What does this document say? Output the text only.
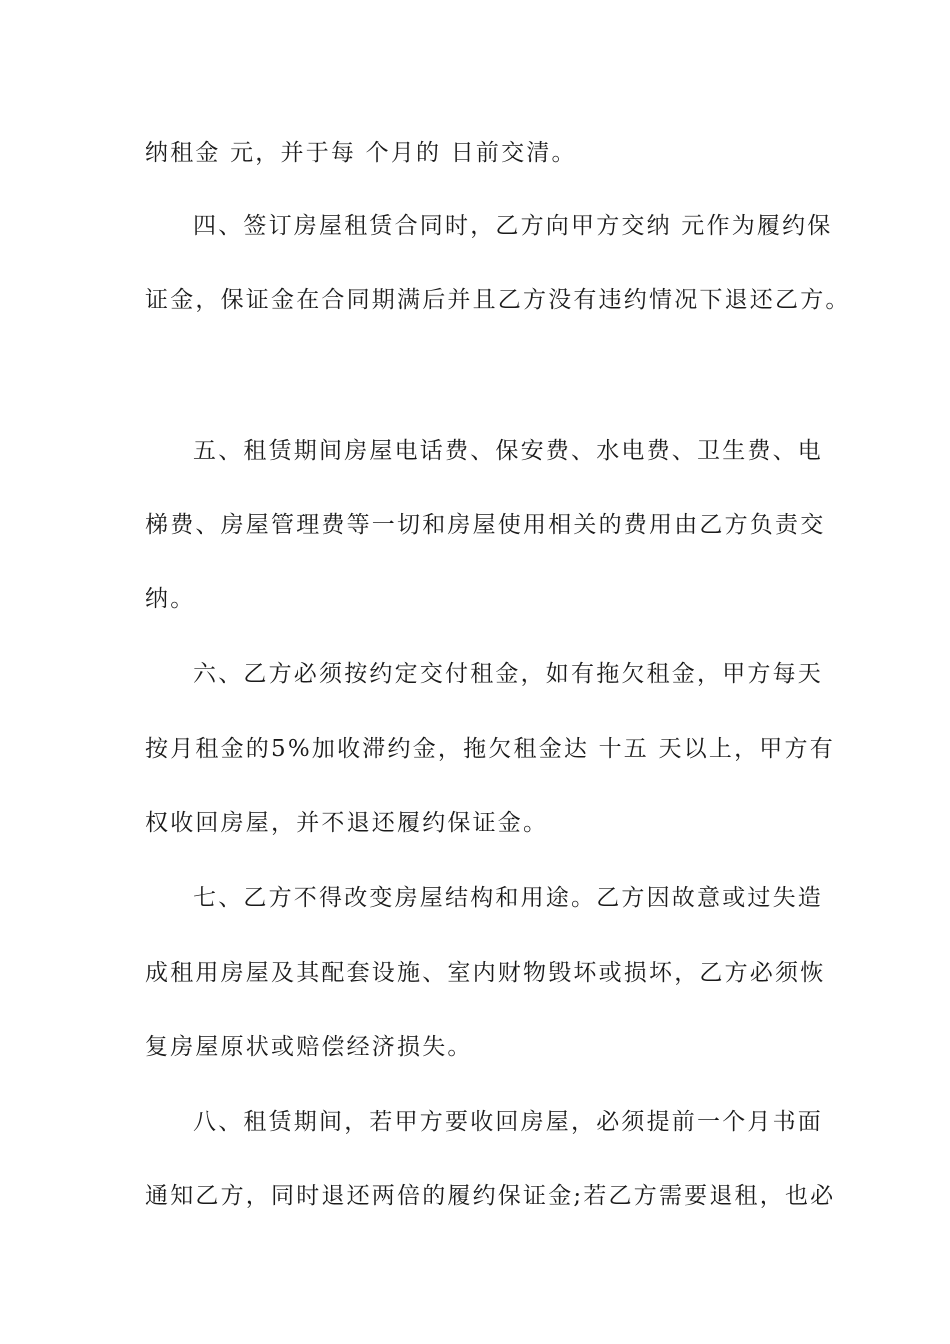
纳租金 元，并于每 个月的 日前交清。
四、签订房屋租赁合同时，乙方向甲方交纳 元作为履约保
证金，保证金在合同期满后并且乙方没有违约情况下退还乙方。
五、租赁期间房屋电话费、保安费、水电费、卫生费、电
梯费、房屋管理费等一切和房屋使用相关的费用由乙方负责交
纳。
六、乙方必须按约定交付租金，如有拖欠租金，甲方每天
按月租金的5%加收滞约金，拖欠租金达 十五 天以上，甲方有
权收回房屋，并不退还履约保证金。
七、乙方不得改变房屋结构和用途。乙方因故意或过失造
成租用房屋及其配套设施、室内财物毁坏或损坏，乙方必须恢
复房屋原状或赔偿经济损失。
八、租赁期间，若甲方要收回房屋，必须提前一个月书面
通知乙方，同时退还两倍的履约保证金;若乙方需要退租，也必
